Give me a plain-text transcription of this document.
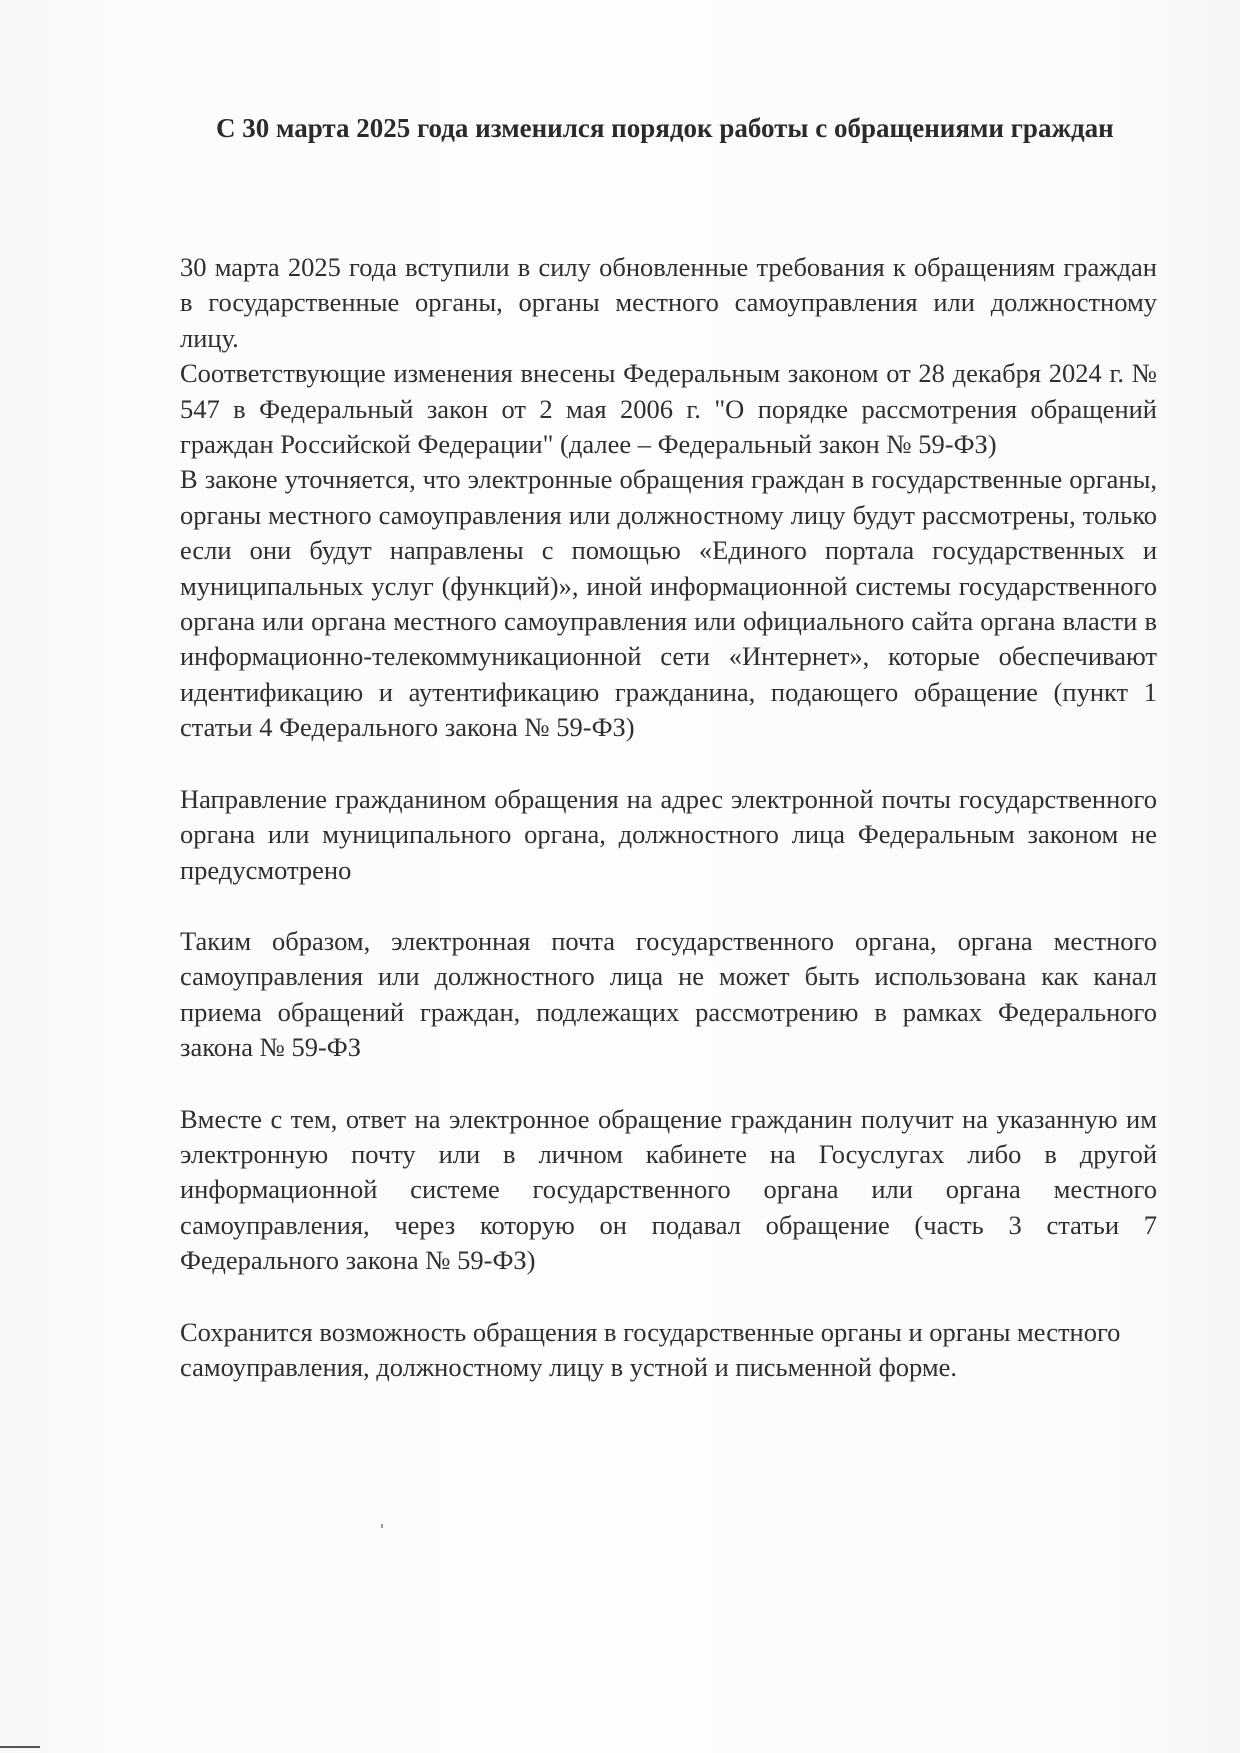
С 30 марта 2025 года изменился порядок работы с обращениями граждан

30 марта 2025 года вступили в силу обновленные требования к обращениям граждан в государственные органы, органы местного самоуправления или должностному лицу.

Соответствующие изменения внесены Федеральным законом от 28 декабря 2024 г. № 547 в Федеральный закон от 2 мая 2006 г. "О порядке рассмотрения обращений граждан Российской Федерации" (далее – Федеральный закон № 59-ФЗ)

В законе уточняется, что электронные обращения граждан в государственные органы, органы местного самоуправления или должностному лицу будут рассмотрены, только если они будут направлены с помощью «Единого портала государственных и муниципальных услуг (функций)», иной информационной системы государственного органа или органа местного самоуправления или официального сайта органа власти в информационно-телекоммуникационной сети «Интернет», которые обеспечивают идентификацию и аутентификацию гражданина, подающего обращение (пункт 1 статьи 4 Федерального закона № 59-ФЗ)

Направление гражданином обращения на адрес электронной почты государственного органа или муниципального органа, должностного лица Федеральным законом не предусмотрено

Таким образом, электронная почта государственного органа, органа местного самоуправления или должностного лица не может быть использована как канал приема обращений граждан, подлежащих рассмотрению в рамках Федерального закона № 59-ФЗ

Вместе с тем, ответ на электронное обращение гражданин получит на указанную им электронную почту или в личном кабинете на Госуслугах либо в другой информационной системе государственного органа или органа местного самоуправления, через которую он подавал обращение (часть 3 статьи 7 Федерального закона № 59-ФЗ)

Сохранится возможность обращения в государственные органы и органы местного самоуправления, должностному лицу в устной и письменной форме.
